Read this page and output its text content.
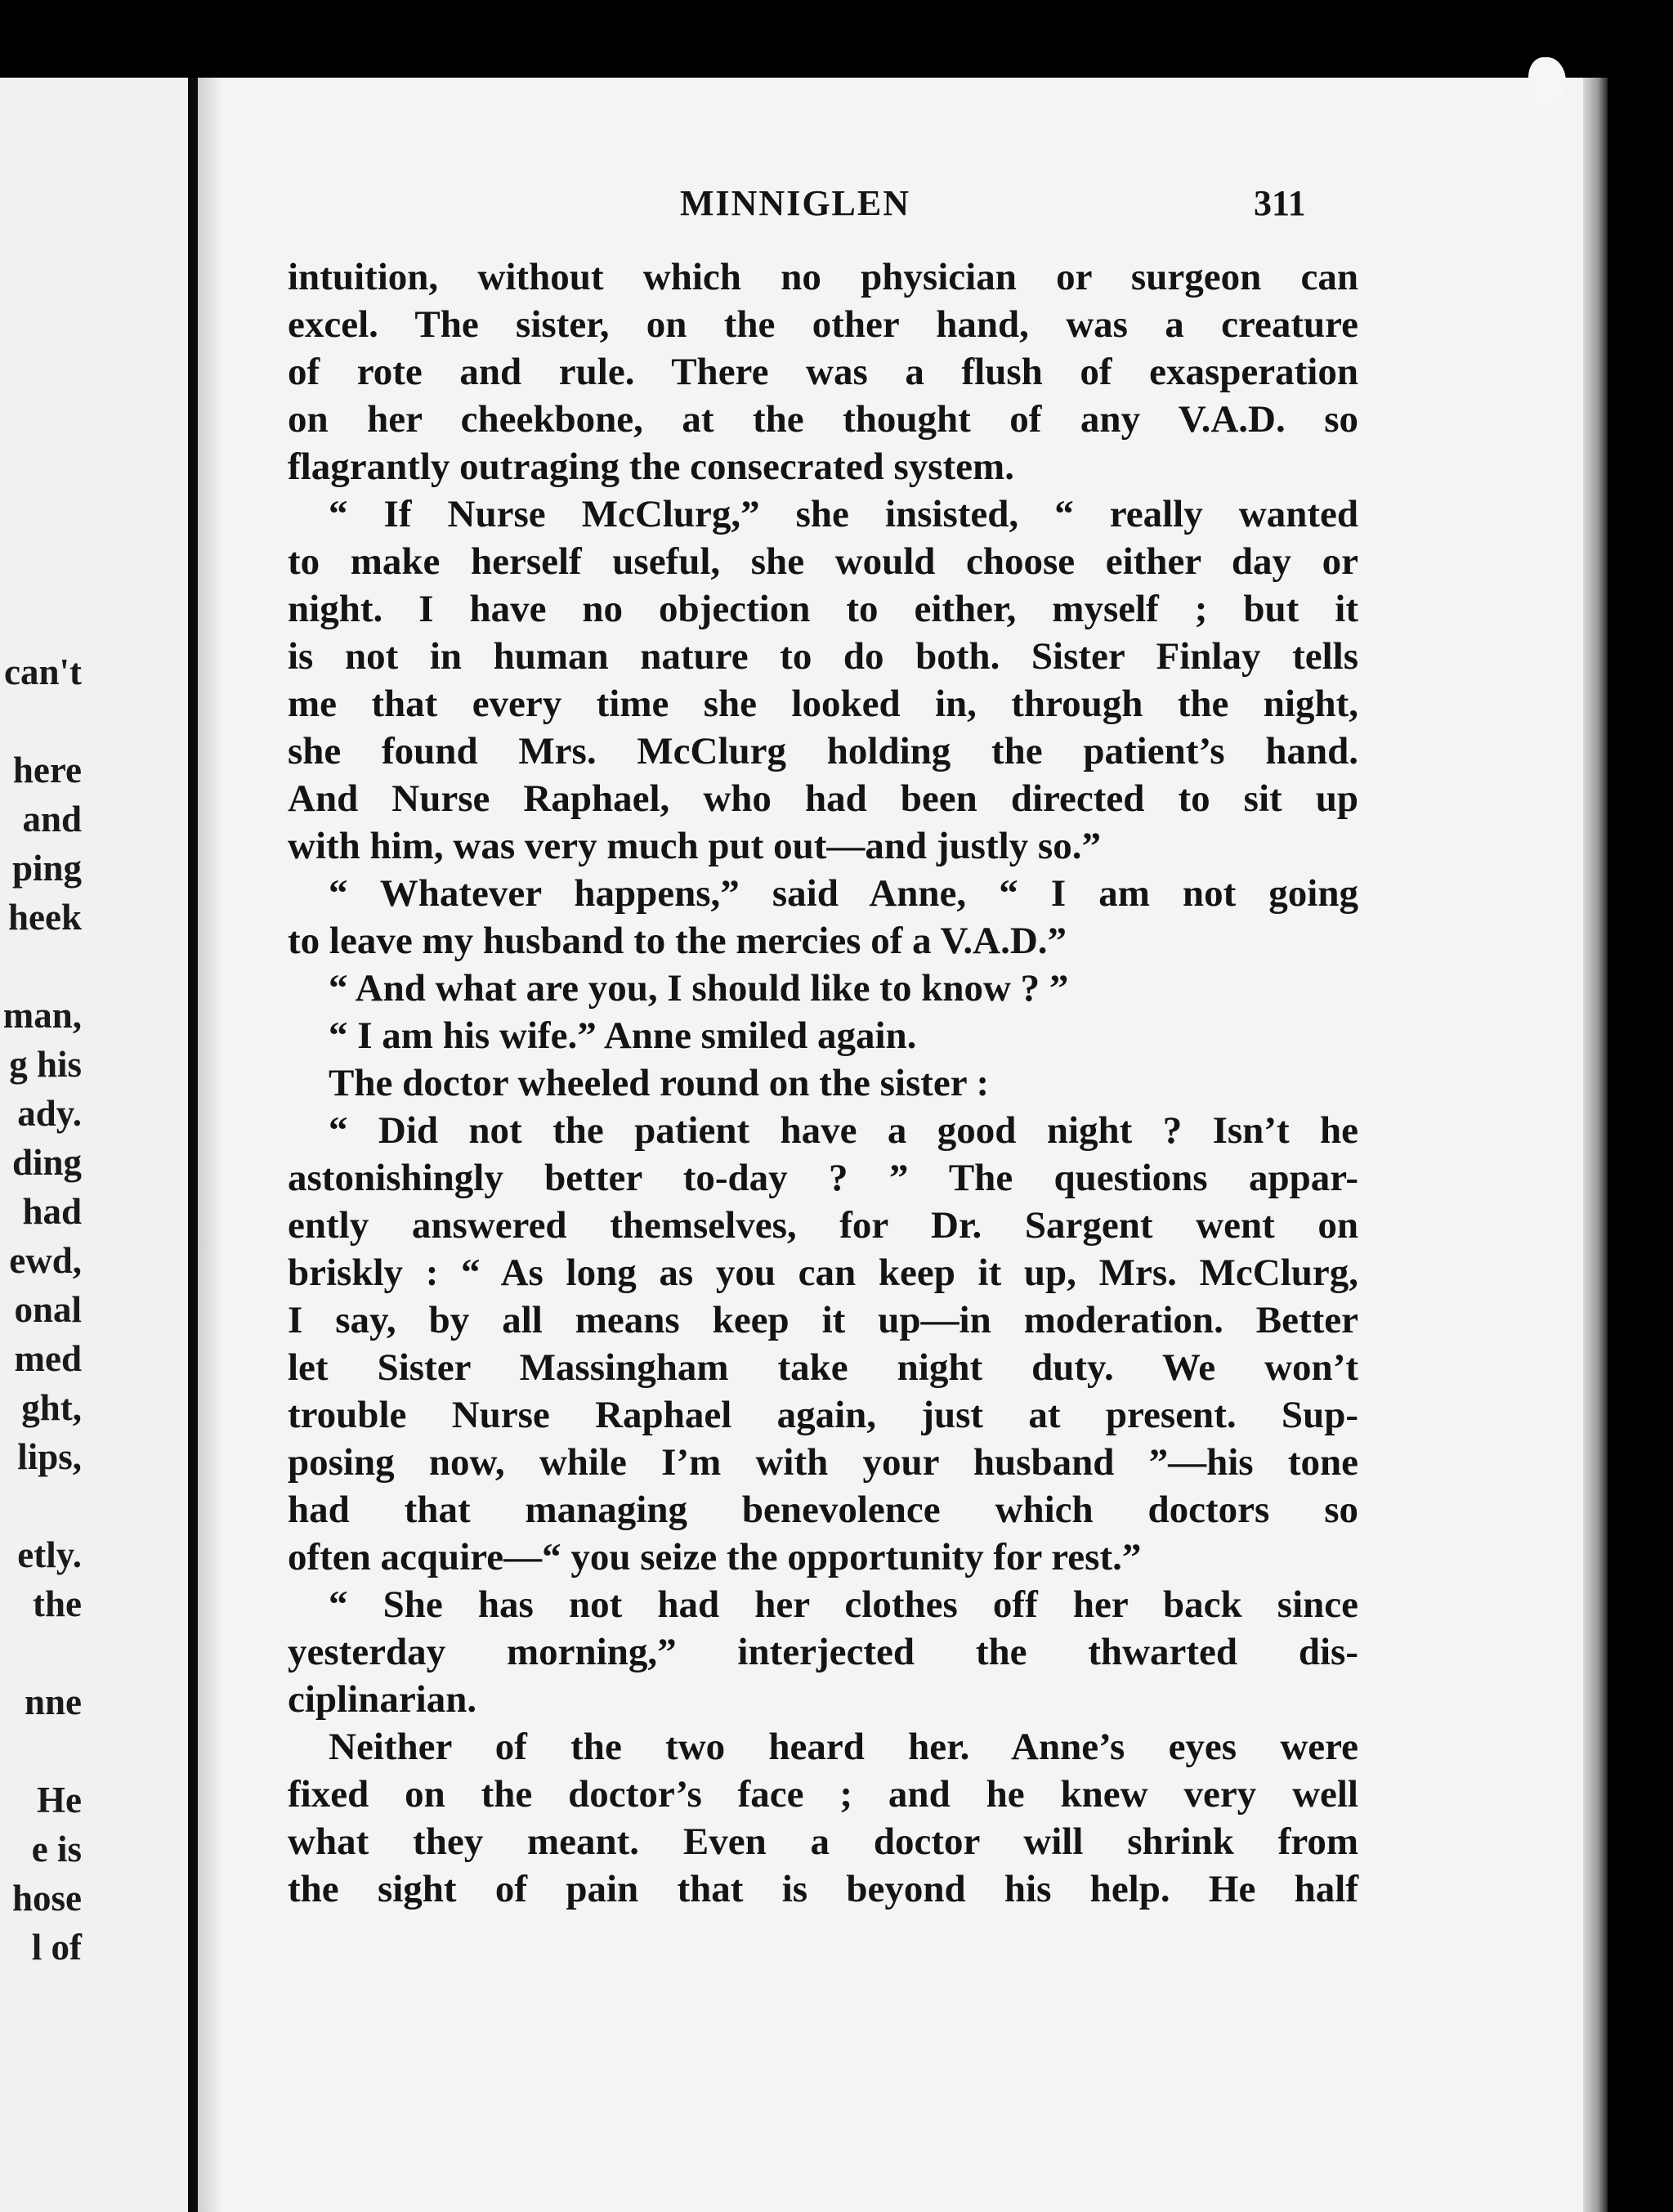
can't
here
and
ping
heek
man,
g his
ady.
ding
had
ewd,
onal
med
ght,
lips,
etly.
the
nne
He
e is
hose
l of
MINNIGLEN	311
intuition, without which no physician or surgeon can
excel. The sister, on the other hand, was a creature
of rote and rule. There was a flush of exasperation
on her cheekbone, at the thought of any V.A.D. so
flagrantly outraging the consecrated system.
“ If Nurse McClurg,” she insisted, “ really wanted
to make herself useful, she would choose either day or
night. I have no objection to either, myself ; but it
is not in human nature to do both. Sister Finlay tells
me that every time she looked in, through the night,
she found Mrs. McClurg holding the patient’s hand.
And Nurse Raphael, who had been directed to sit up
with him, was very much put out—and justly so.”
“ Whatever happens,” said Anne, “ I am not going
to leave my husband to the mercies of a V.A.D.”
“ And what are you, I should like to know ? ”
“ I am his wife.” Anne smiled again.
The doctor wheeled round on the sister :
“ Did not the patient have a good night ? Isn’t he
astonishingly better to-day ? ” The questions appar-
ently answered themselves, for Dr. Sargent went on
briskly : “ As long as you can keep it up, Mrs. McClurg,
I say, by all means keep it up—in moderation. Better
let Sister Massingham take night duty. We won’t
trouble Nurse Raphael again, just at present. Sup-
posing now, while I’m with your husband ”—his tone
had that managing benevolence which doctors so
often acquire—“ you seize the opportunity for rest.”
“ She has not had her clothes off her back since
yesterday morning,” interjected the thwarted dis-
ciplinarian.
Neither of the two heard her. Anne’s eyes were
fixed on the doctor’s face ; and he knew very well
what they meant. Even a doctor will shrink from
the sight of pain that is beyond his help. He half
